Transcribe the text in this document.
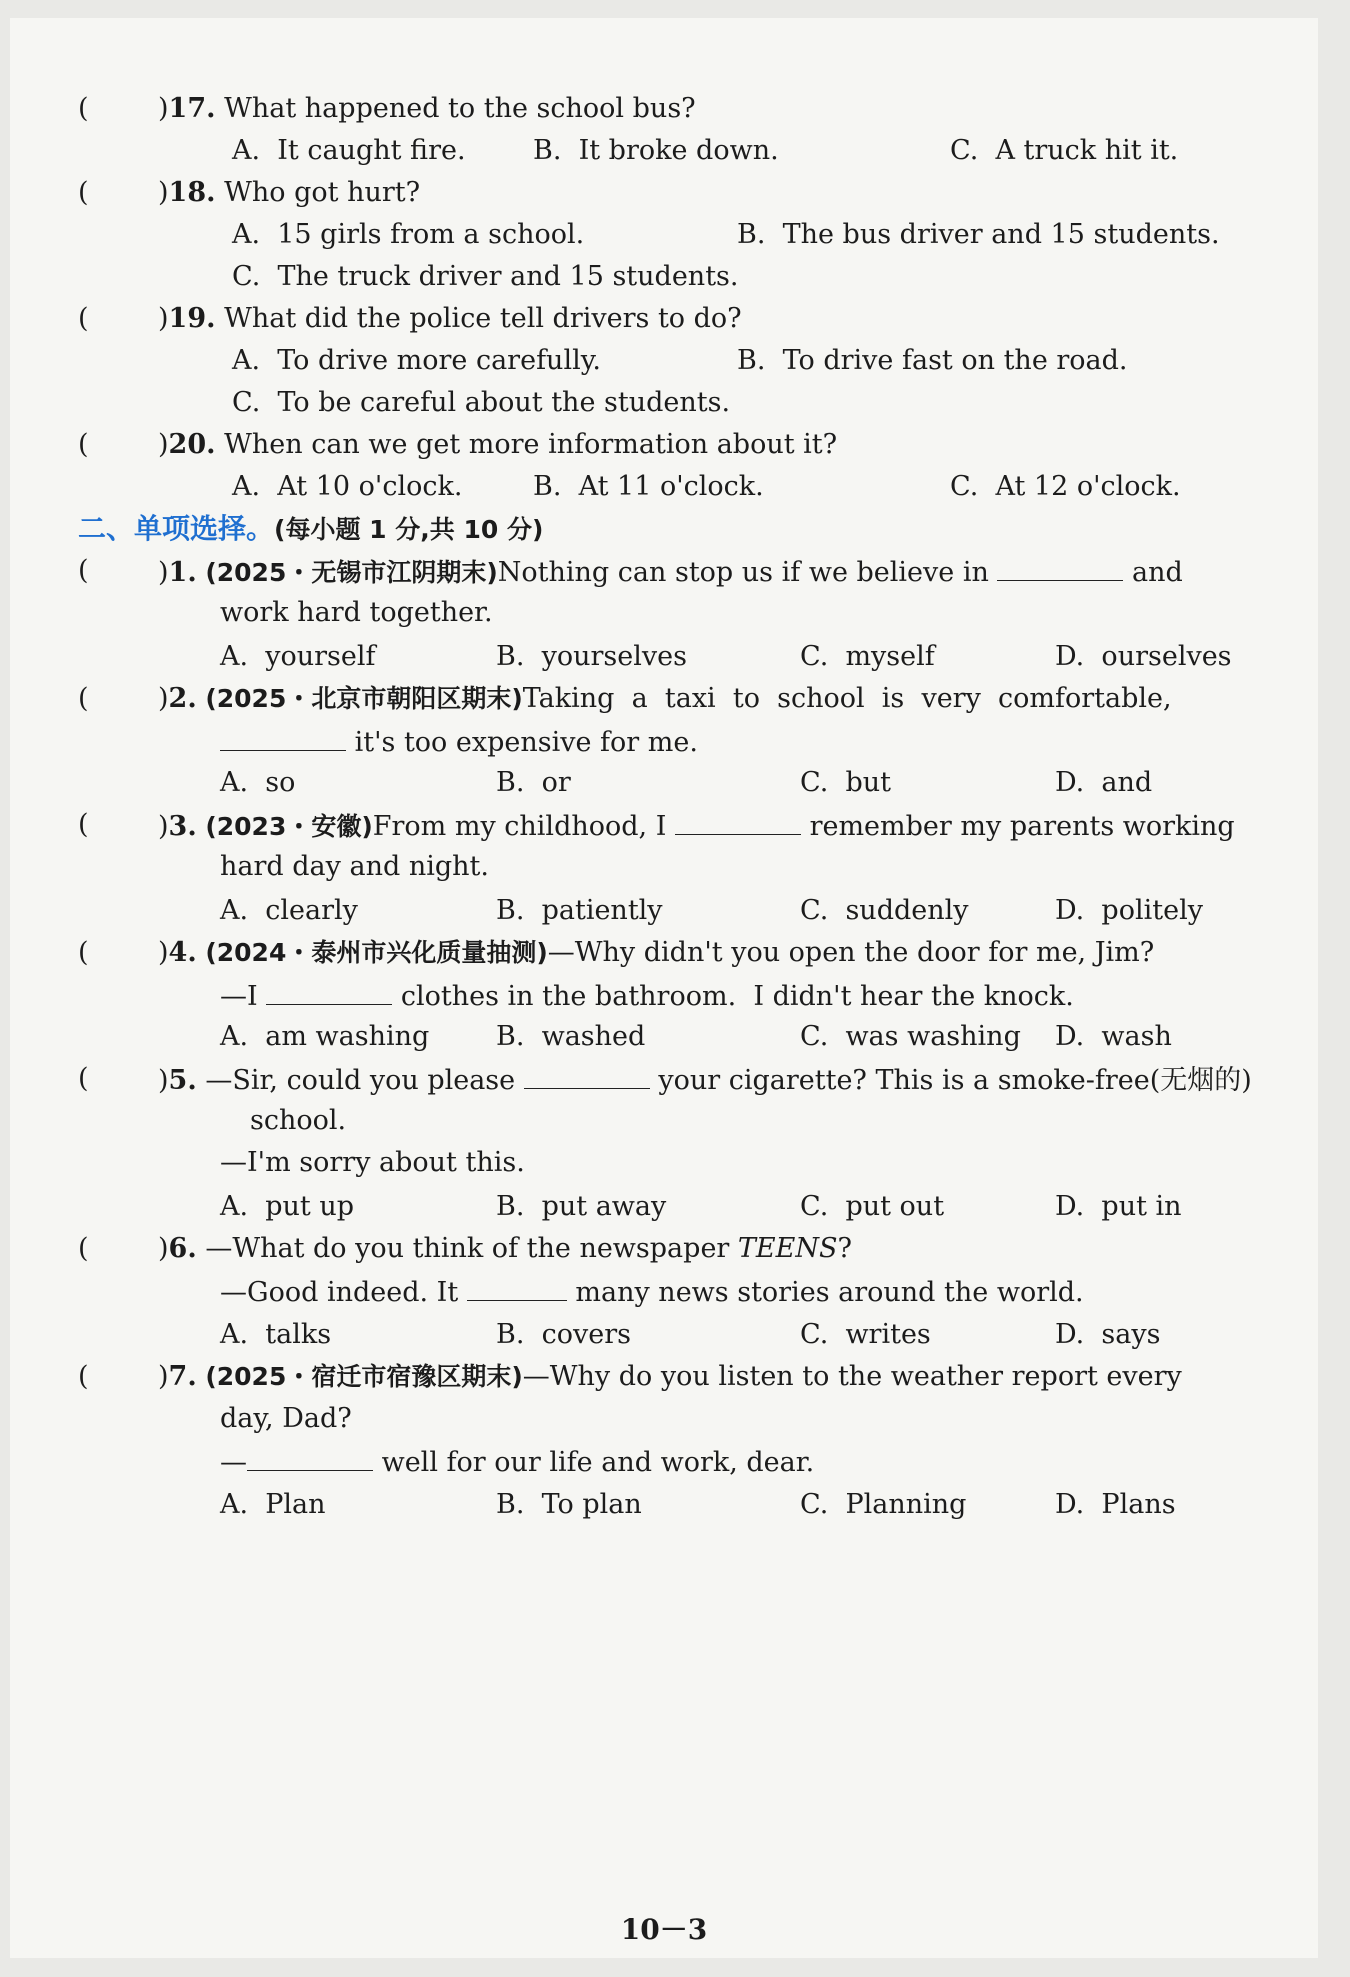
(	)17. What happened to the school bus?
A.  It caught fire. B.  It broke down.	C.  A truck hit it.
(	)18. Who got hurt?
A.  15 girls from a school.	B.  The bus driver and 15 students.
C.  The truck driver and 15 students.
(	)19. What did the police tell drivers to do?
A.  To drive more carefully.	B.  To drive fast on the road.
C.  To be careful about the students.
(	)20. When can we get more information about it?
A.  At 10 o'clock.	B.  At 11 o'clock.	C.  At 12 o'clock.
二、单项选择。(每小题 1 分,共 10 分)
(	)1. (2025・无锡市江阴期末)Nothing can stop us if we believe in	and
work hard together.
A.  yourself	B.  yourselves	C.  myself	D.  ourselves
(	)2. (2025・北京市朝阳区期末)Taking  a  taxi  to  school  is  very  comfortable,
it's too expensive for me.
A.  so	B.  or	C.  but	D.  and
(	)3. (2023・安徽)From my childhood, I	remember my parents working
hard day and night.
A.  clearly	B.  patiently	C.  suddenly	D.  politely
(	)4. (2024・泰州市兴化质量抽测)—Why didn't you open the door for me, Jim?
—I	clothes in the bathroom.  I didn't hear the knock.
A.  am washing B.  washed	C.  was washing D.  wash
(	)5. —Sir, could you please	your cigarette? This is a smoke-free(无烟的)
school.
—I'm sorry about this.
A.  put up	B.  put away	C.  put out	D.  put in
(	)6. —What do you think of the newspaper TEENS?
—Good indeed. It	many news stories around the world.
A.  talks	B.  covers	C.  writes	D.  says
(	)7. (2025・宿迁市宿豫区期末)—Why do you listen to the weather report every
day, Dad?
—	well for our life and work, dear.
A.  Plan	B.  To plan	C.  Planning	D.  Plans
10－3
